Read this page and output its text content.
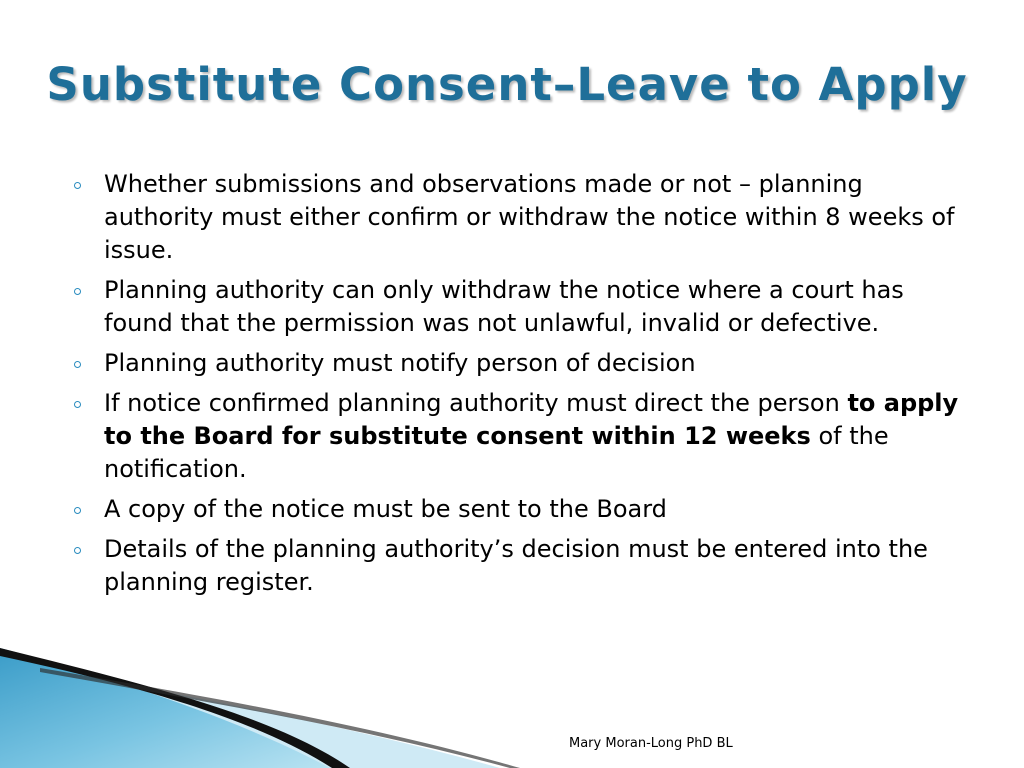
Substitute Consent–Leave to Apply
Whether submissions and observations made or not – planning authority must either confirm or withdraw the notice within 8 weeks of issue.
Planning authority can only withdraw the notice where a court has found that the permission was not unlawful, invalid or defective.
Planning authority must notify person of decision
If notice confirmed planning authority must direct the person to apply to the Board for substitute consent within 12 weeks of the notification.
A copy of the notice must be sent to the Board
Details of the planning authority’s decision must be entered into the planning register.
Mary Moran-Long PhD BL
